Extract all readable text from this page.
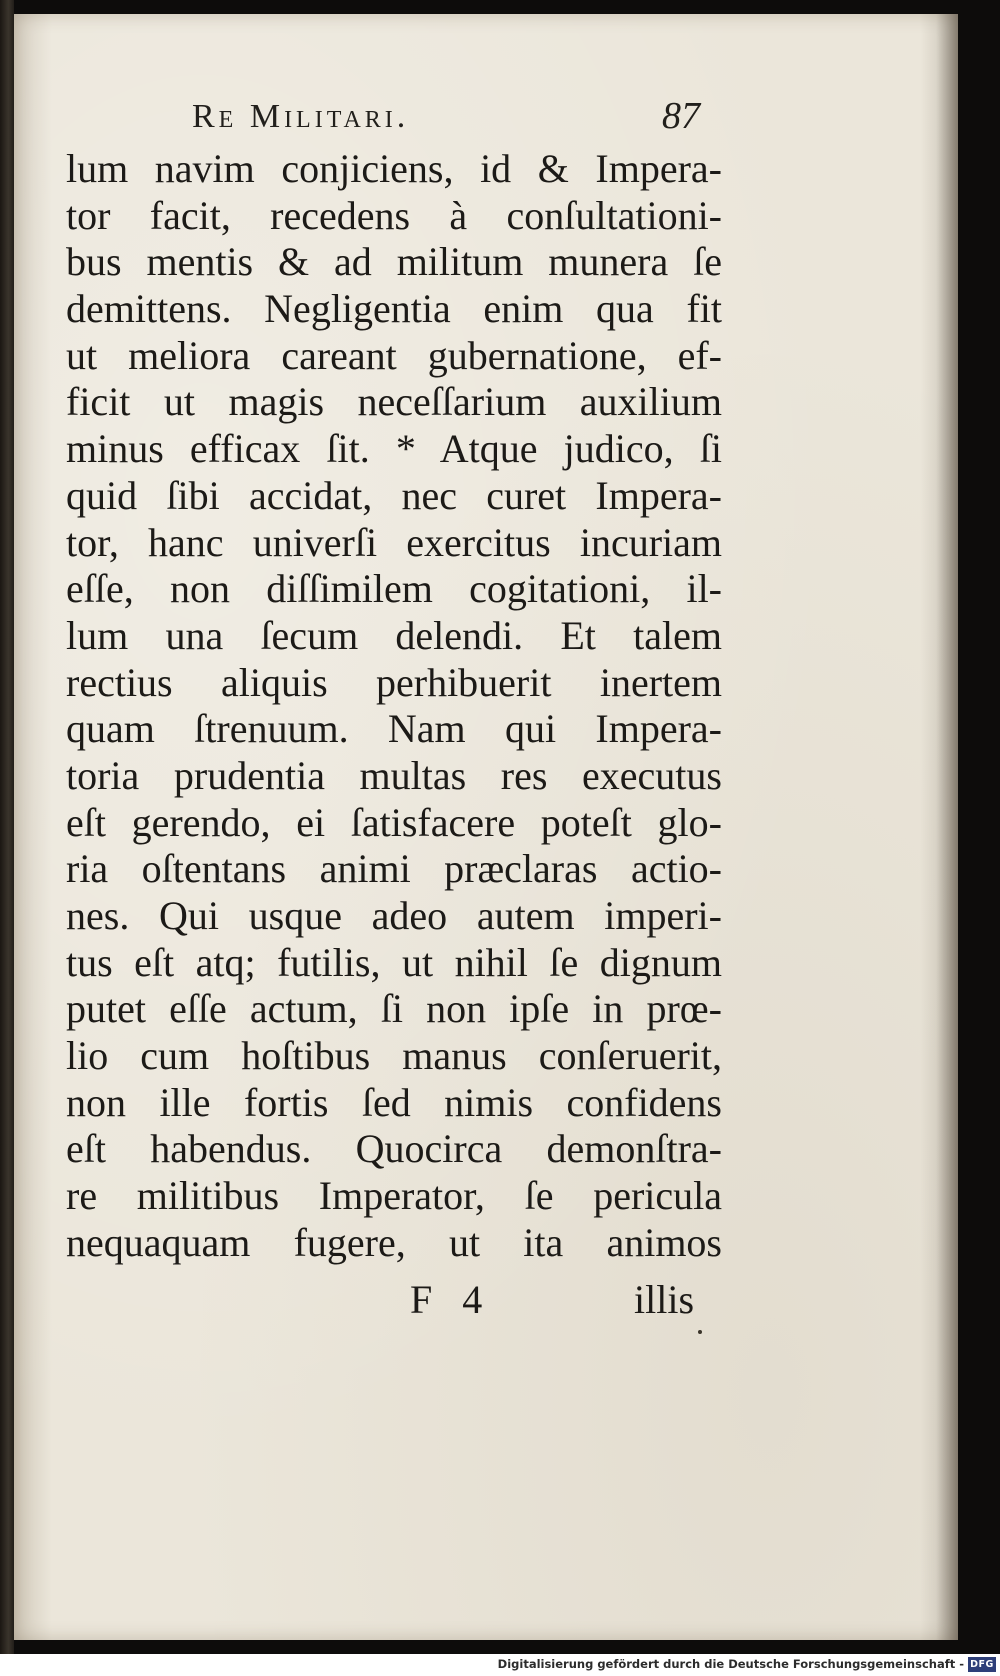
Re Militari.	87
lum navim conjiciens, id & Impera-
tor facit, recedens à conſultationi-
bus mentis & ad militum munera ſe
demittens. Negligentia enim qua fit
ut meliora careant gubernatione, ef-
ficit ut magis neceſſarium auxilium
minus efficax ſit. * Atque judico, ſi
quid ſibi accidat, nec curet Impera-
tor, hanc univerſi exercitus incuriam
eſſe, non diſſimilem cogitationi, il-
lum una ſecum delendi. Et talem
rectius aliquis perhibuerit inertem
quam ſtrenuum. Nam qui Impera-
toria prudentia multas res executus
eſt gerendo, ei ſatisfacere poteſt glo-
ria oſtentans animi præclaras actio-
nes. Qui usque adeo autem imperi-
tus eſt atq; futilis, ut nihil ſe dignum
putet eſſe actum, ſi non ipſe in prœ-
lio cum hoſtibus manus conſeruerit,
non ille fortis ſed nimis confidens
eſt habendus. Quocirca demonſtra-
re militibus Imperator, ſe pericula
nequaquam fugere, ut ita animos
F 4	illis
Digitalisierung gefördert durch die Deutsche Forschungsgemeinschaft - DFG
